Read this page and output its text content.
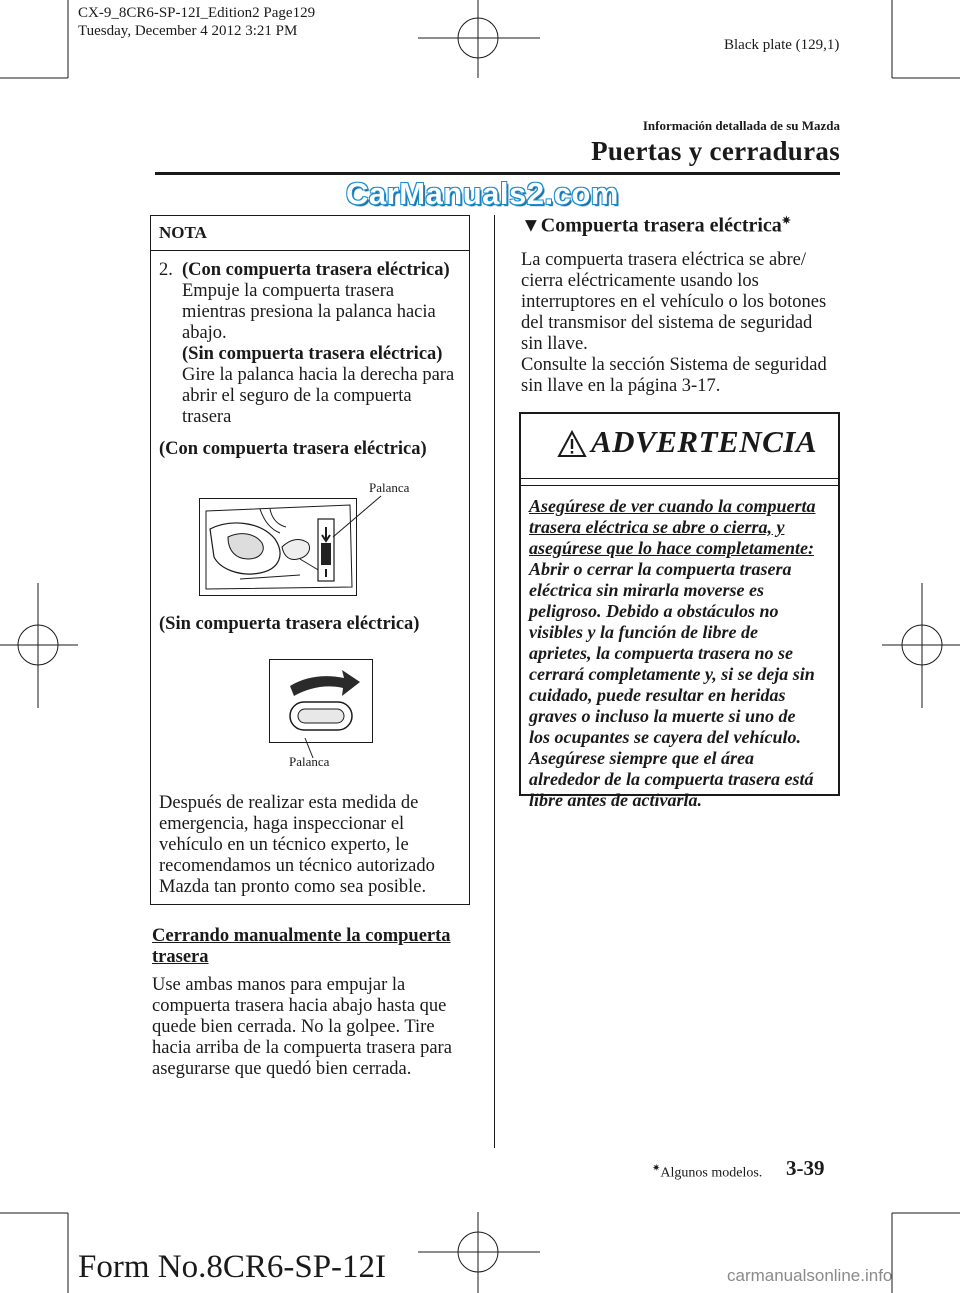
CX-9_8CR6-SP-12I_Edition2 Page129
Tuesday, December 4 2012 3:21 PM
Black plate (129,1)
Información detallada de su Mazda
Puertas y cerraduras
CarManuals2.com
NOTA
2. (Con compuerta trasera eléctrica)
Empuje la compuerta trasera
mientras presiona la palanca hacia
abajo.
(Sin compuerta trasera eléctrica)
Gire la palanca hacia la derecha para
abrir el seguro de la compuerta
trasera
(Con compuerta trasera eléctrica)
Palanca
(Sin compuerta trasera eléctrica)
Palanca
Después de realizar esta medida de
emergencia, haga inspeccionar el
vehículo en un técnico experto, le
recomendamos un técnico autorizado
Mazda tan pronto como sea posible.
Cerrando manualmente la compuerta
trasera
Use ambas manos para empujar la
compuerta trasera hacia abajo hasta que
quede bien cerrada. No la golpee. Tire
hacia arriba de la compuerta trasera para
asegurarse que quedó bien cerrada.
▼Compuerta trasera eléctrica✷
La compuerta trasera eléctrica se abre/
cierra eléctricamente usando los
interruptores en el vehículo o los botones
del transmisor del sistema de seguridad
sin llave.
Consulte la sección Sistema de seguridad
sin llave en la página 3-17.
ADVERTENCIA
Asegúrese de ver cuando la compuerta
trasera eléctrica se abre o cierra, y
asegúrese que lo hace completamente:
Abrir o cerrar la compuerta trasera
eléctrica sin mirarla moverse es
peligroso. Debido a obstáculos no
visibles y la función de libre de
aprietes, la compuerta trasera no se
cerrará completamente y, si se deja sin
cuidado, puede resultar en heridas
graves o incluso la muerte si uno de
los ocupantes se cayera del vehículo.
Asegúrese siempre que el área
alrededor de la compuerta trasera está
libre antes de activarla.
✷Algunos modelos. 3-39
Form No.8CR6-SP-12I	carmanualsonline.info
